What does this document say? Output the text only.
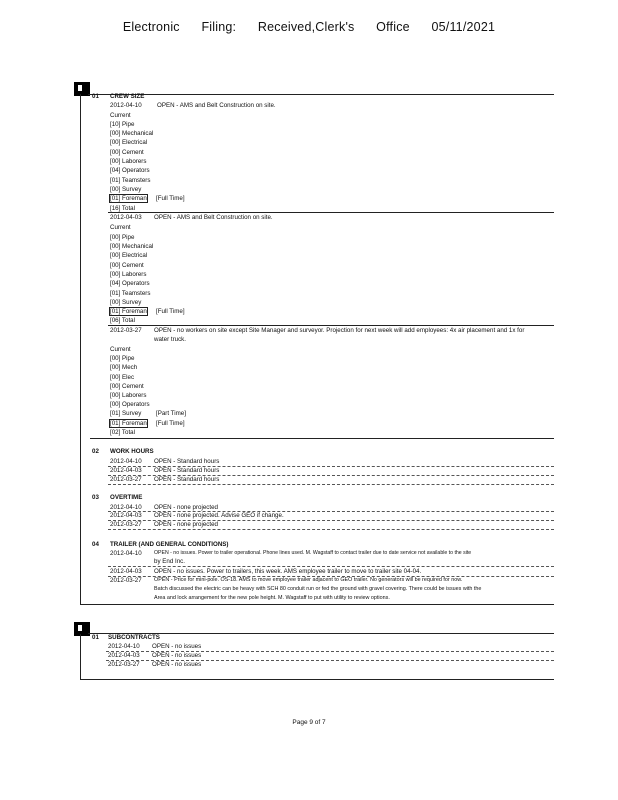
Electronic Filing: Received,Clerk's Office 05/11/2021
01 CREW SIZE
2012-04-10 OPEN - AMS and Belt Construction on site.
Current
[10] Pipe
[00] Mechanical
[00] Electrical
[00] Cement
[00] Laborers
[04] Operators
[01] Teamsters
[00] Survey
[01] Foreman [Full Time]
[16] Total
2012-04-03 OPEN - AMS and Belt Construction on site.
Current
[00] Pipe
[00] Mechanical
[00] Electrical
[00] Cement
[00] Laborers
[04] Operators
[01] Teamsters
[00] Survey
[01] Foreman [Full Time]
[06] Total
2012-03-27 OPEN - no workers on site except Site Manager and surveyor. Projection for next week will add employees: 4x air placement and 1x for
water truck.
Current
[00] Pipe
[00] Mech
[00] Elec
[00] Cement
[00] Laborers
[00] Operators
[01] Survey [Part Time]
[01] Foreman [Full Time]
[02] Total
02 WORK HOURS
2012-04-10 OPEN - Standard hours
2012-04-03 OPEN - Standard hours
2012-03-27 OPEN - Standard hours
03 OVERTIME
2012-04-10 OPEN - none projected
2012-04-03 OPEN - none projected. Advise GEO if change.
2012-03-27 OPEN - none projected
04 TRAILER (AND GENERAL CONDITIONS)
2012-04-10 OPEN - no issues. Power to trailer operational. Phone lines used. M. Wagstaff to contact trailer due to date service not available to the site
by End Inc.
2012-04-03 OPEN - no issues. Power to trailers, this week. AMS employee trailer to move to trailer site 04-04.
2012-03-27 OPEN - Price for mini-pole. OS-18. AMS to move employee trailer adjacent to GEO trailer. No generators will be required for now.
Batch discussed the electric can be heavy with SCH 80 conduit run or fed the ground with gravel covering. There could be issues with the
Area and lock arrangement for the new pole height. M. Wagstaff to put with utility to review options.
01 SUBCONTRACTS
2012-04-10 OPEN - no issues
2012-04-03 OPEN - no issues
2012-03-27 OPEN - no issues
Page 9 of 7
